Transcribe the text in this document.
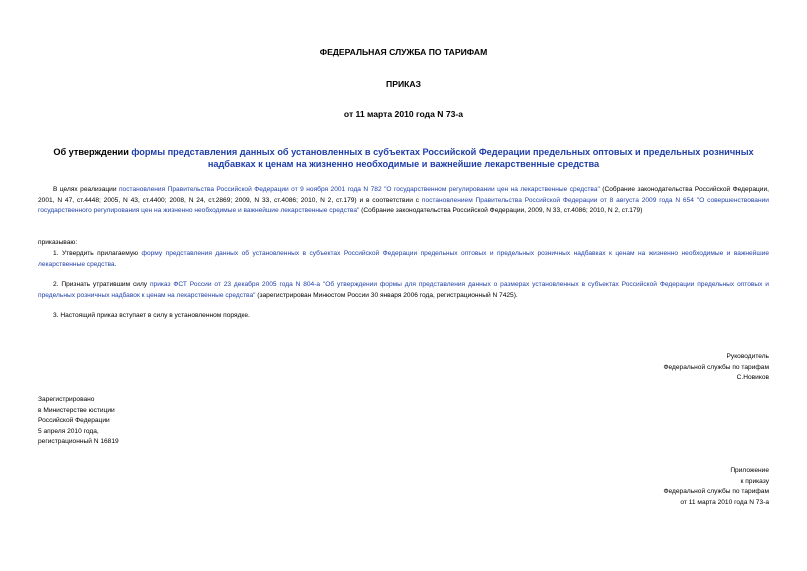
ФЕДЕРАЛЬНАЯ СЛУЖБА ПО ТАРИФАМ
ПРИКАЗ
от 11 марта 2010 года N 73-а
Об утверждении формы представления данных об установленных в субъектах Российской Федерации предельных оптовых и предельных розничных надбавках к ценам на жизненно необходимые и важнейшие лекарственные средства
В целях реализации постановления Правительства Российской Федерации от 9 ноября 2001 года N 782 "О государственном регулировании цен на лекарственные средства" (Собрание законодательства Российской Федерации, 2001, N 47, ст.4448; 2005, N 43, ст.4400; 2008, N 24, ст.2869; 2009, N 33, ст.4086; 2010, N 2, ст.179) и в соответствии с постановлением Правительства Российской Федерации от 8 августа 2009 года N 654 "О совершенствовании государственного регулирования цен на жизненно необходимые и важнейшие лекарственные средства" (Собрание законодательства Российской Федерации, 2009, N 33, ст.4086; 2010, N 2, ст.179)
приказываю:
1. Утвердить прилагаемую форму представления данных об установленных в субъектах Российской Федерации предельных оптовых и предельных розничных надбавках к ценам на жизненно необходимые и важнейшие лекарственные средства.
2. Признать утратившим силу приказ ФСТ России от 23 декабря 2005 года N 804-а "Об утверждении формы для представления данных о размерах установленных в субъектах Российской Федерации предельных оптовых и предельных розничных надбавок к ценам на лекарственные средства" (зарегистрирован Минюстом России 30 января 2006 года, регистрационный N 7425).
3. Настоящий приказ вступает в силу в установленном порядке.
Руководитель
Федеральной службы по тарифам
С.Новиков
Зарегистрировано
в Министерстве юстиции
Российской Федерации
5 апреля 2010 года,
регистрационный N 16819
Приложение
к приказу
Федеральной службы по тарифам
от 11 марта 2010 года N 73-а
